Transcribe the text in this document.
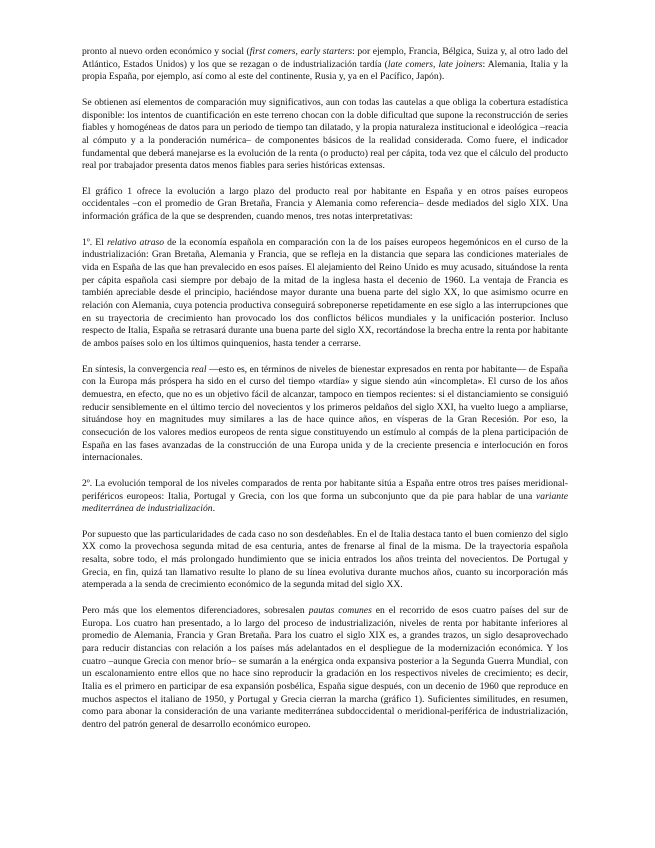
pronto al nuevo orden económico y social (first comers, early starters: por ejemplo, Francia, Bélgica, Suiza y, al otro lado del Atlántico, Estados Unidos) y los que se rezagan o de industrialización tardía (late comers, late joiners: Alemania, Italia y la propia España, por ejemplo, así como al este del continente, Rusia y, ya en el Pacífico, Japón).

Se obtienen así elementos de comparación muy significativos, aun con todas las cautelas a que obliga la cobertura estadística disponible: los intentos de cuantificación en este terreno chocan con la doble dificultad que supone la reconstrucción de series fiables y homogéneas de datos para un periodo de tiempo tan dilatado, y la propia naturaleza institucional e ideológica –reacia al cómputo y a la ponderación numérica– de componentes básicos de la realidad considerada. Como fuere, el indicador fundamental que deberá manejarse es la evolución de la renta (o producto) real per cápita, toda vez que el cálculo del producto real por trabajador presenta datos menos fiables para series históricas extensas.

El gráfico 1 ofrece la evolución a largo plazo del producto real por habitante en España y en otros países europeos occidentales –con el promedio de Gran Bretaña, Francia y Alemania como referencia– desde mediados del siglo XIX. Una información gráfica de la que se desprenden, cuando menos, tres notas interpretativas:

1º. El relativo atraso de la economía española en comparación con la de los países europeos hegemónicos en el curso de la industrialización: Gran Bretaña, Alemania y Francia, que se refleja en la distancia que separa las condiciones materiales de vida en España de las que han prevalecido en esos países. El alejamiento del Reino Unido es muy acusado, situándose la renta per cápita española casi siempre por debajo de la mitad de la inglesa hasta el decenio de 1960. La ventaja de Francia es también apreciable desde el principio, haciéndose mayor durante una buena parte del siglo XX, lo que asimismo ocurre en relación con Alemania, cuya potencia productiva conseguirá sobreponerse repetidamente en ese siglo a las interrupciones que en su trayectoria de crecimiento han provocado los dos conflictos bélicos mundiales y la unificación posterior. Incluso respecto de Italia, España se retrasará durante una buena parte del siglo XX, recortándose la brecha entre la renta por habitante de ambos países solo en los últimos quinquenios, hasta tender a cerrarse.

En síntesis, la convergencia real —esto es, en términos de niveles de bienestar expresados en renta por habitante— de España con la Europa más próspera ha sido en el curso del tiempo «tardía» y sigue siendo aún «incompleta». El curso de los años demuestra, en efecto, que no es un objetivo fácil de alcanzar, tampoco en tiempos recientes: si el distanciamiento se consiguió reducir sensiblemente en el último tercio del novecientos y los primeros peldaños del siglo XXI, ha vuelto luego a ampliarse, situándose hoy en magnitudes muy similares a las de hace quince años, en vísperas de la Gran Recesión. Por eso, la consecución de los valores medios europeos de renta sigue constituyendo un estímulo al compás de la plena participación de España en las fases avanzadas de la construcción de una Europa unida y de la creciente presencia e interlocución en foros internacionales.

2º. La evolución temporal de los niveles comparados de renta por habitante sitúa a España entre otros tres países meridional-periféricos europeos: Italia, Portugal y Grecia, con los que forma un subconjunto que da pie para hablar de una variante mediterránea de industrialización.

Por supuesto que las particularidades de cada caso no son desdeñables. En el de Italia destaca tanto el buen comienzo del siglo XX como la provechosa segunda mitad de esa centuria, antes de frenarse al final de la misma. De la trayectoria española resalta, sobre todo, el más prolongado hundimiento que se inicia entrados los años treinta del novecientos. De Portugal y Grecia, en fin, quizá tan llamativo resulte lo plano de su línea evolutiva durante muchos años, cuanto su incorporación más atemperada a la senda de crecimiento económico de la segunda mitad del siglo XX.

Pero más que los elementos diferenciadores, sobresalen pautas comunes en el recorrido de esos cuatro países del sur de Europa. Los cuatro han presentado, a lo largo del proceso de industrialización, niveles de renta por habitante inferiores al promedio de Alemania, Francia y Gran Bretaña. Para los cuatro el siglo XIX es, a grandes trazos, un siglo desaprovechado para reducir distancias con relación a los países más adelantados en el despliegue de la modernización económica. Y los cuatro –aunque Grecia con menor brío– se sumarán a la enérgica onda expansiva posterior a la Segunda Guerra Mundial, con un escalonamiento entre ellos que no hace sino reproducir la gradación en los respectivos niveles de crecimiento; es decir, Italia es el primero en participar de esa expansión posbélica, España sigue después, con un decenio de 1960 que reproduce en muchos aspectos el italiano de 1950, y Portugal y Grecia cierran la marcha (gráfico 1). Suficientes similitudes, en resumen, como para abonar la consideración de una variante mediterránea subdoccidental o meridional-periférica de industrialización, dentro del patrón general de desarrollo económico europeo.
